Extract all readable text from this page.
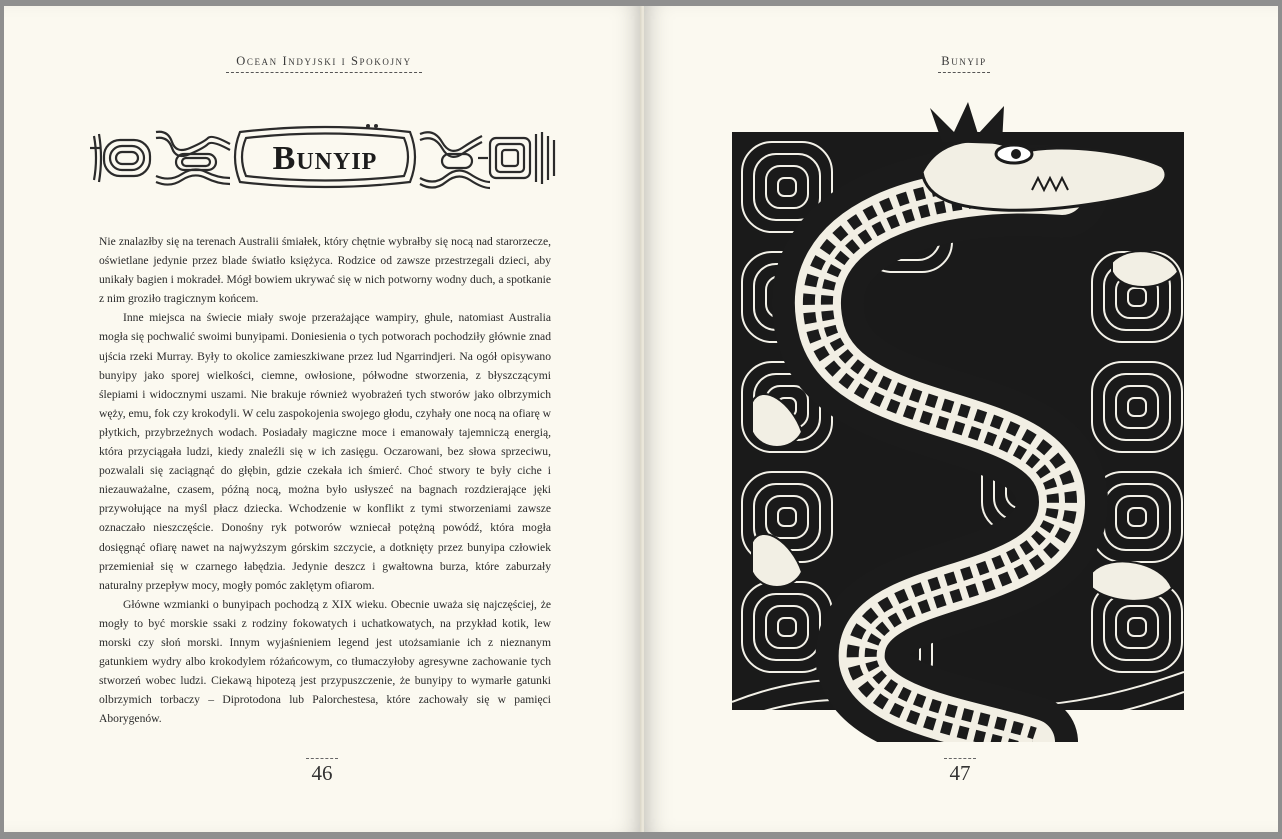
Ocean Indyjski i Spokojny
Bunyip

Nie znalazłby się na terenach Australii śmiałek, który chętnie wybrałby się nocą nad starorzecze, oświetlane jedynie przez blade światło księżyca. Rodzice od zawsze przestrzegali dzieci, aby unikały bagien i mokradeł. Mógł bowiem ukrywać się w nich potworny wodny duch, a spotkanie z nim groziło tragicznym końcem.

Inne miejsca na świecie miały swoje przerażające wampiry, ghule, natomiast Australia mogła się pochwalić swoimi bunyipami. Doniesienia o tych potworach pochodziły głównie znad ujścia rzeki Murray. Były to okolice zamieszkiwane przez lud Ngarrindjeri. Na ogół opisywano bunyipy jako sporej wielkości, ciemne, owłosione, półwodne stworzenia, z błyszczącymi ślepiami i widocznymi uszami. Nie brakuje również wyobrażeń tych stworów jako olbrzymich węży, emu, fok czy krokodyli. W celu zaspokojenia swojego głodu, czyhały one nocą na ofiarę w płytkich, przybrzeżnych wodach. Posiadały magiczne moce i emanowały tajemniczą energią, która przyciągała ludzi, kiedy znaleźli się w ich zasięgu. Oczarowani, bez słowa sprzeciwu, pozwalali się zaciągnąć do głębin, gdzie czekała ich śmierć. Choć stwory te były ciche i niezauważalne, czasem, późną nocą, można było usłyszeć na bagnach rozdzierające jęki przywołujące na myśl płacz dziecka. Wchodzenie w konflikt z tymi stworzeniami zawsze oznaczało nieszczęście. Donośny ryk potworów wzniecał potężną powódź, która mogła dosięgnąć ofiarę nawet na najwyższym górskim szczycie, a dotknięty przez bunyipa człowiek przemieniał się w czarnego łabędzia. Jedynie deszcz i gwałtowna burza, które zaburzały naturalny przepływ mocy, mogły pomóc zaklętym ofiarom.

Główne wzmianki o bunyipach pochodzą z XIX wieku. Obecnie uważa się najczęściej, że mogły to być morskie ssaki z rodziny fokowatych i uchatkowatych, na przykład kotik, lew morski czy słoń morski. Innym wyjaśnieniem legend jest utożsamianie ich z nieznanym gatunkiem wydry albo krokodylem różańcowym, co tłumaczyłoby agresywne zachowanie tych stworzeń wobec ludzi. Ciekawą hipotezą jest przypuszczenie, że bunyipy to wymarłe gatunki olbrzymich torbaczy – Diprotodona lub Palorchestesa, które zachowały się w pamięci Aborygenów.

46
Bunyip
47
